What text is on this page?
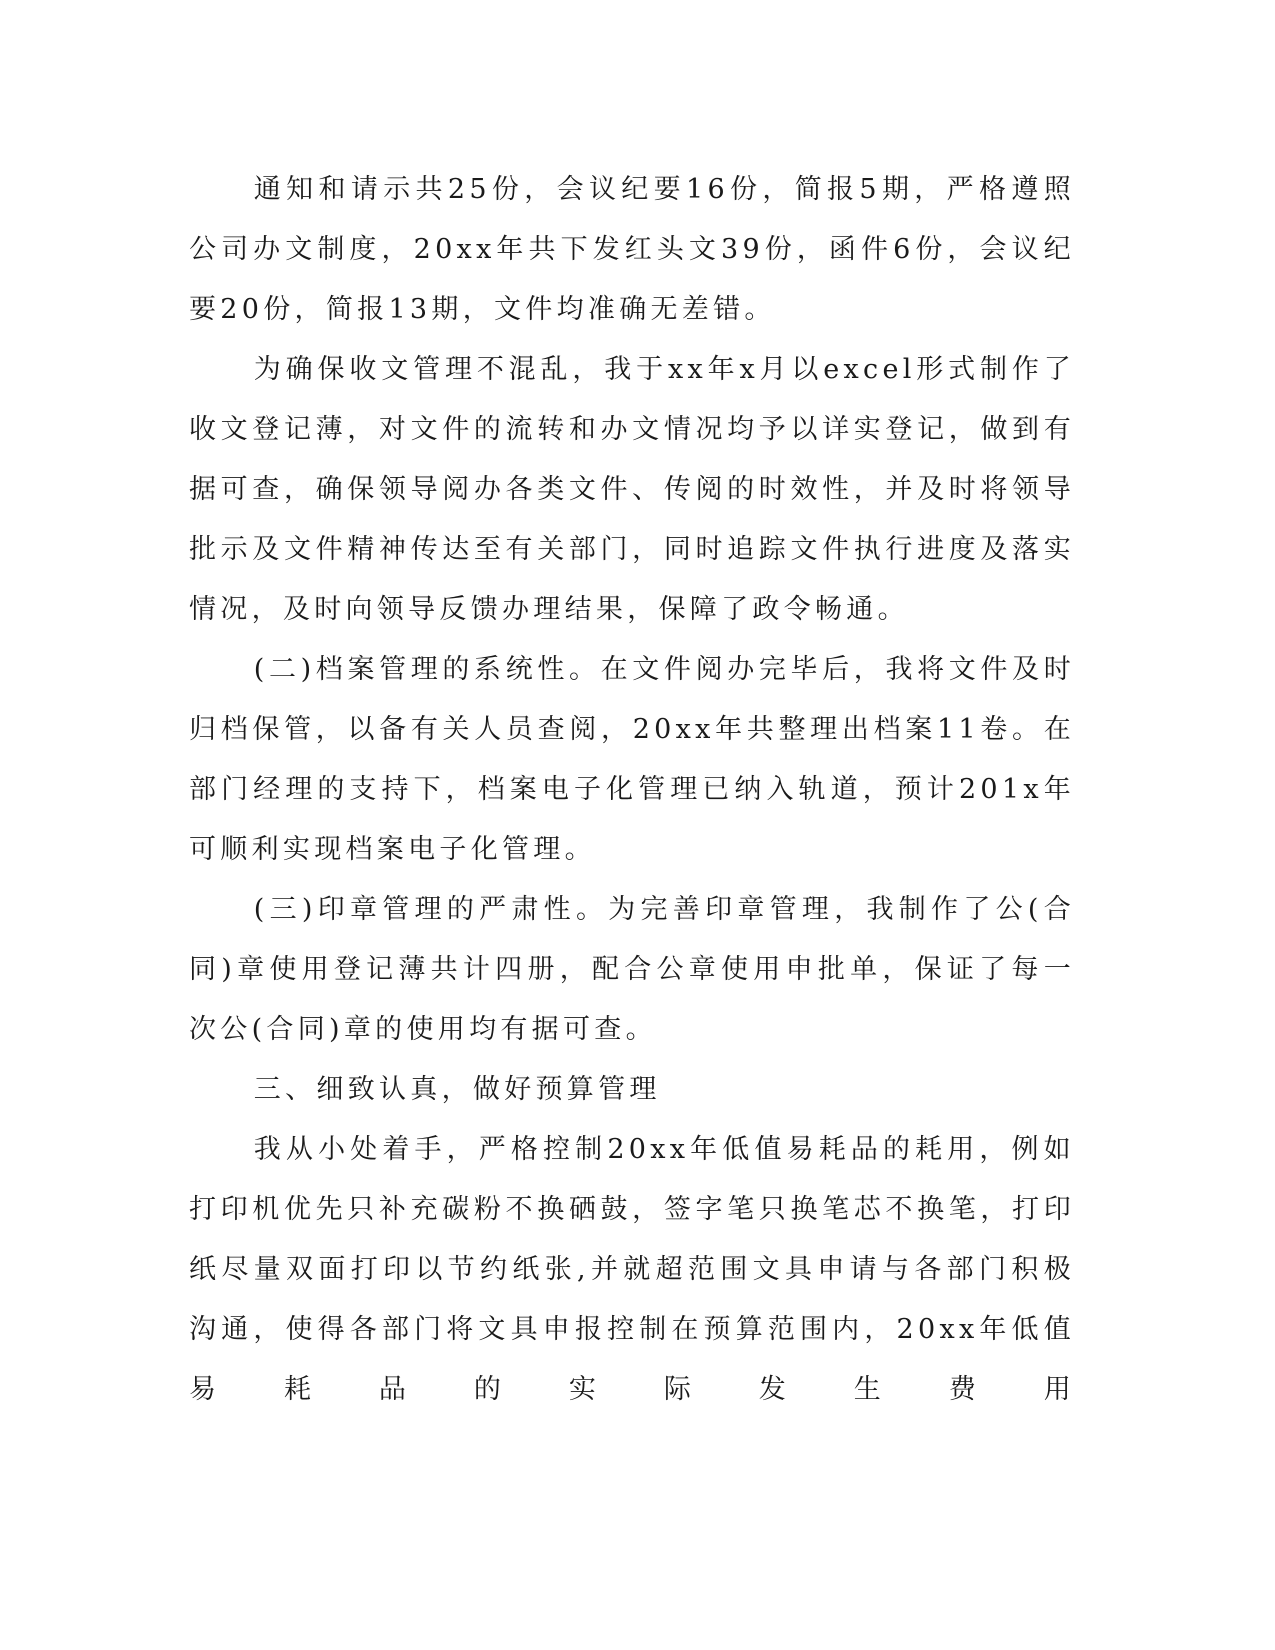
通知和请示共25份，会议纪要16份，简报5期，严格遵照公司办文制度，20xx年共下发红头文39份，函件6份，会议纪要20份，简报13期，文件均准确无差错。

为确保收文管理不混乱，我于xx年x月以excel形式制作了收文登记薄，对文件的流转和办文情况均予以详实登记，做到有据可查，确保领导阅办各类文件、传阅的时效性，并及时将领导批示及文件精神传达至有关部门，同时追踪文件执行进度及落实情况，及时向领导反馈办理结果，保障了政令畅通。

(二)档案管理的系统性。在文件阅办完毕后，我将文件及时归档保管，以备有关人员查阅，20xx年共整理出档案11卷。在部门经理的支持下，档案电子化管理已纳入轨道，预计201x年可顺利实现档案电子化管理。

(三)印章管理的严肃性。为完善印章管理，我制作了公(合同)章使用登记薄共计四册，配合公章使用申批单，保证了每一次公(合同)章的使用均有据可查。

三、细致认真，做好预算管理

我从小处着手，严格控制20xx年低值易耗品的耗用，例如打印机优先只补充碳粉不换硒鼓，签字笔只换笔芯不换笔，打印纸尽量双面打印以节约纸张,并就超范围文具申请与各部门积极沟通，使得各部门将文具申报控制在预算范围内，20xx年低值易耗品的实际发生费用
